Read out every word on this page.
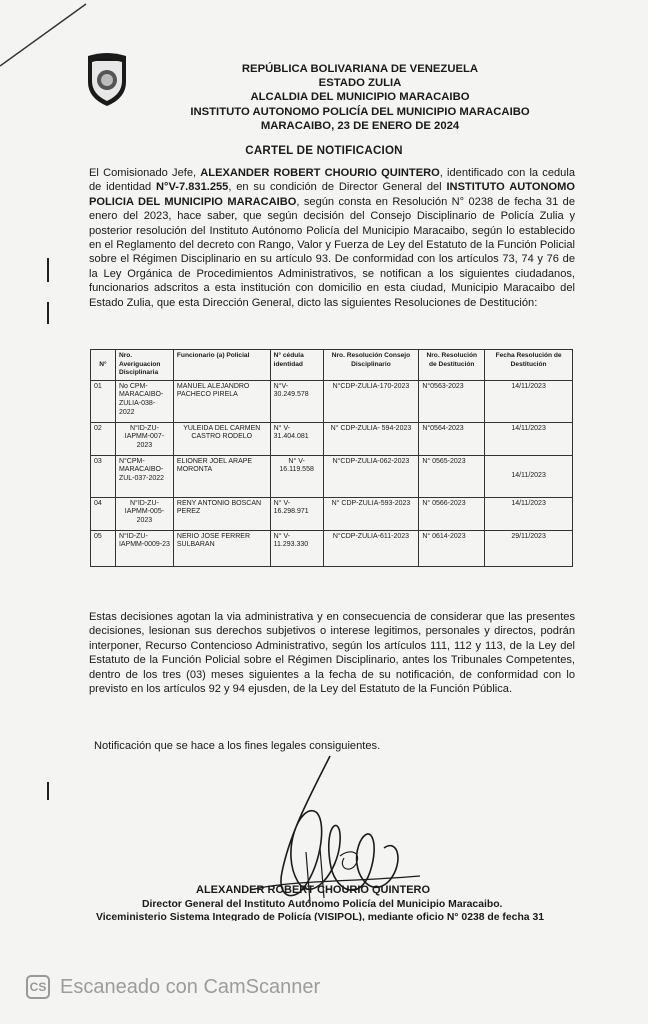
REPÚBLICA BOLIVARIANA DE VENEZUELA
ESTADO ZULIA
ALCALDIA DEL MUNICIPIO MARACAIBO
INSTITUTO AUTONOMO POLICÍA DEL MUNICIPIO MARACAIBO
MARACAIBO, 23 DE ENERO DE 2024
CARTEL DE NOTIFICACION
El Comisionado Jefe, ALEXANDER ROBERT CHOURIO QUINTERO, identificado con la cedula de identidad N°V-7.831.255, en su condición de Director General del INSTITUTO AUTONOMO POLICIA DEL MUNICIPIO MARACAIBO, según consta en Resolución N° 0238 de fecha 31 de enero del 2023, hace saber, que según decisión del Consejo Disciplinario de Policía Zulia y posterior resolución del Instituto Autónomo Policía del Municipio Maracaibo, según lo establecido en el Reglamento del decreto con Rango, Valor y Fuerza de Ley del Estatuto de la Función Policial sobre el Régimen Disciplinario en su artículo 93. De conformidad con los artículos 73, 74 y 76 de la Ley Orgánica de Procedimientos Administrativos, se notifican a los siguientes ciudadanos, funcionarios adscritos a esta institución con domicilio en esta ciudad, Municipio Maracaibo del Estado Zulia, que esta Dirección General, dicto las siguientes Resoluciones de Destitución:
N°	Nro. Averiguacion Disciplinaria	Funcionario (a) Policial	N° cédula identidad	Nro. Resolución Consejo Disciplinario	Nro. Resolución de Destitución	Fecha Resolución de Destitución
01	No CPM-MARACAIBO-ZULIA-038-2022	MANUEL ALEJANDRO PACHECO PIRELA	N°V-30.249.578	N°CDP-ZULIA-170-2023	N°0563-2023	14/11/2023
02	N°ID-ZU-IAPMM-007-2023	YULEIDA DEL CARMEN CASTRO RODELO	N° V-31.404.081	N° CDP-ZULIA- 594-2023	N°0564-2023	14/11/2023
03	N°CPM-MARACAIBO-ZUL-037-2022	ELIONER JOEL ARAPE MORONTA	N° V-16.119.558	N°CDP-ZULIA-062-2023	N° 0565-2023	14/11/2023
04	N°ID-ZU-IAPMM-005-2023	RENY ANTONIO BOSCAN PEREZ	N° V-16.298.971	N° CDP-ZULIA-593-2023	N° 0566-2023	14/11/2023
05	N°ID-ZU-IAPMM-0009-23	NERIO JOSE FERRER SULBARAN	N° V-11.293.330	N°CDP-ZULIA-611-2023	N° 0614-2023	29/11/2023
Estas decisiones agotan la via administrativa y en consecuencia de considerar que las presentes decisiones, lesionan sus derechos subjetivos o interese legitimos, personales y directos, podrán interponer, Recurso Contencioso Administrativo, según los artículos 111, 112 y 113, de la Ley del Estatuto de la Función Policial sobre el Régimen Disciplinario, antes los Tribunales Competentes, dentro de los tres (03) meses siguientes a la fecha de su notificación, de conformidad con lo previsto en los artículos 92 y 94 ejusden, de la Ley del Estatuto de la Función Pública.
Notificación que se hace a los fines legales consiguientes.
ALEXANDER ROBERT CHOURIO QUINTERO
Director General del Instituto Autónomo Policía del Municipio Maracaibo.
Viceministerio Sistema Integrado de Policía (VISIPOL), mediante oficio N° 0238 de fecha 31
CS Escaneado con CamScanner
